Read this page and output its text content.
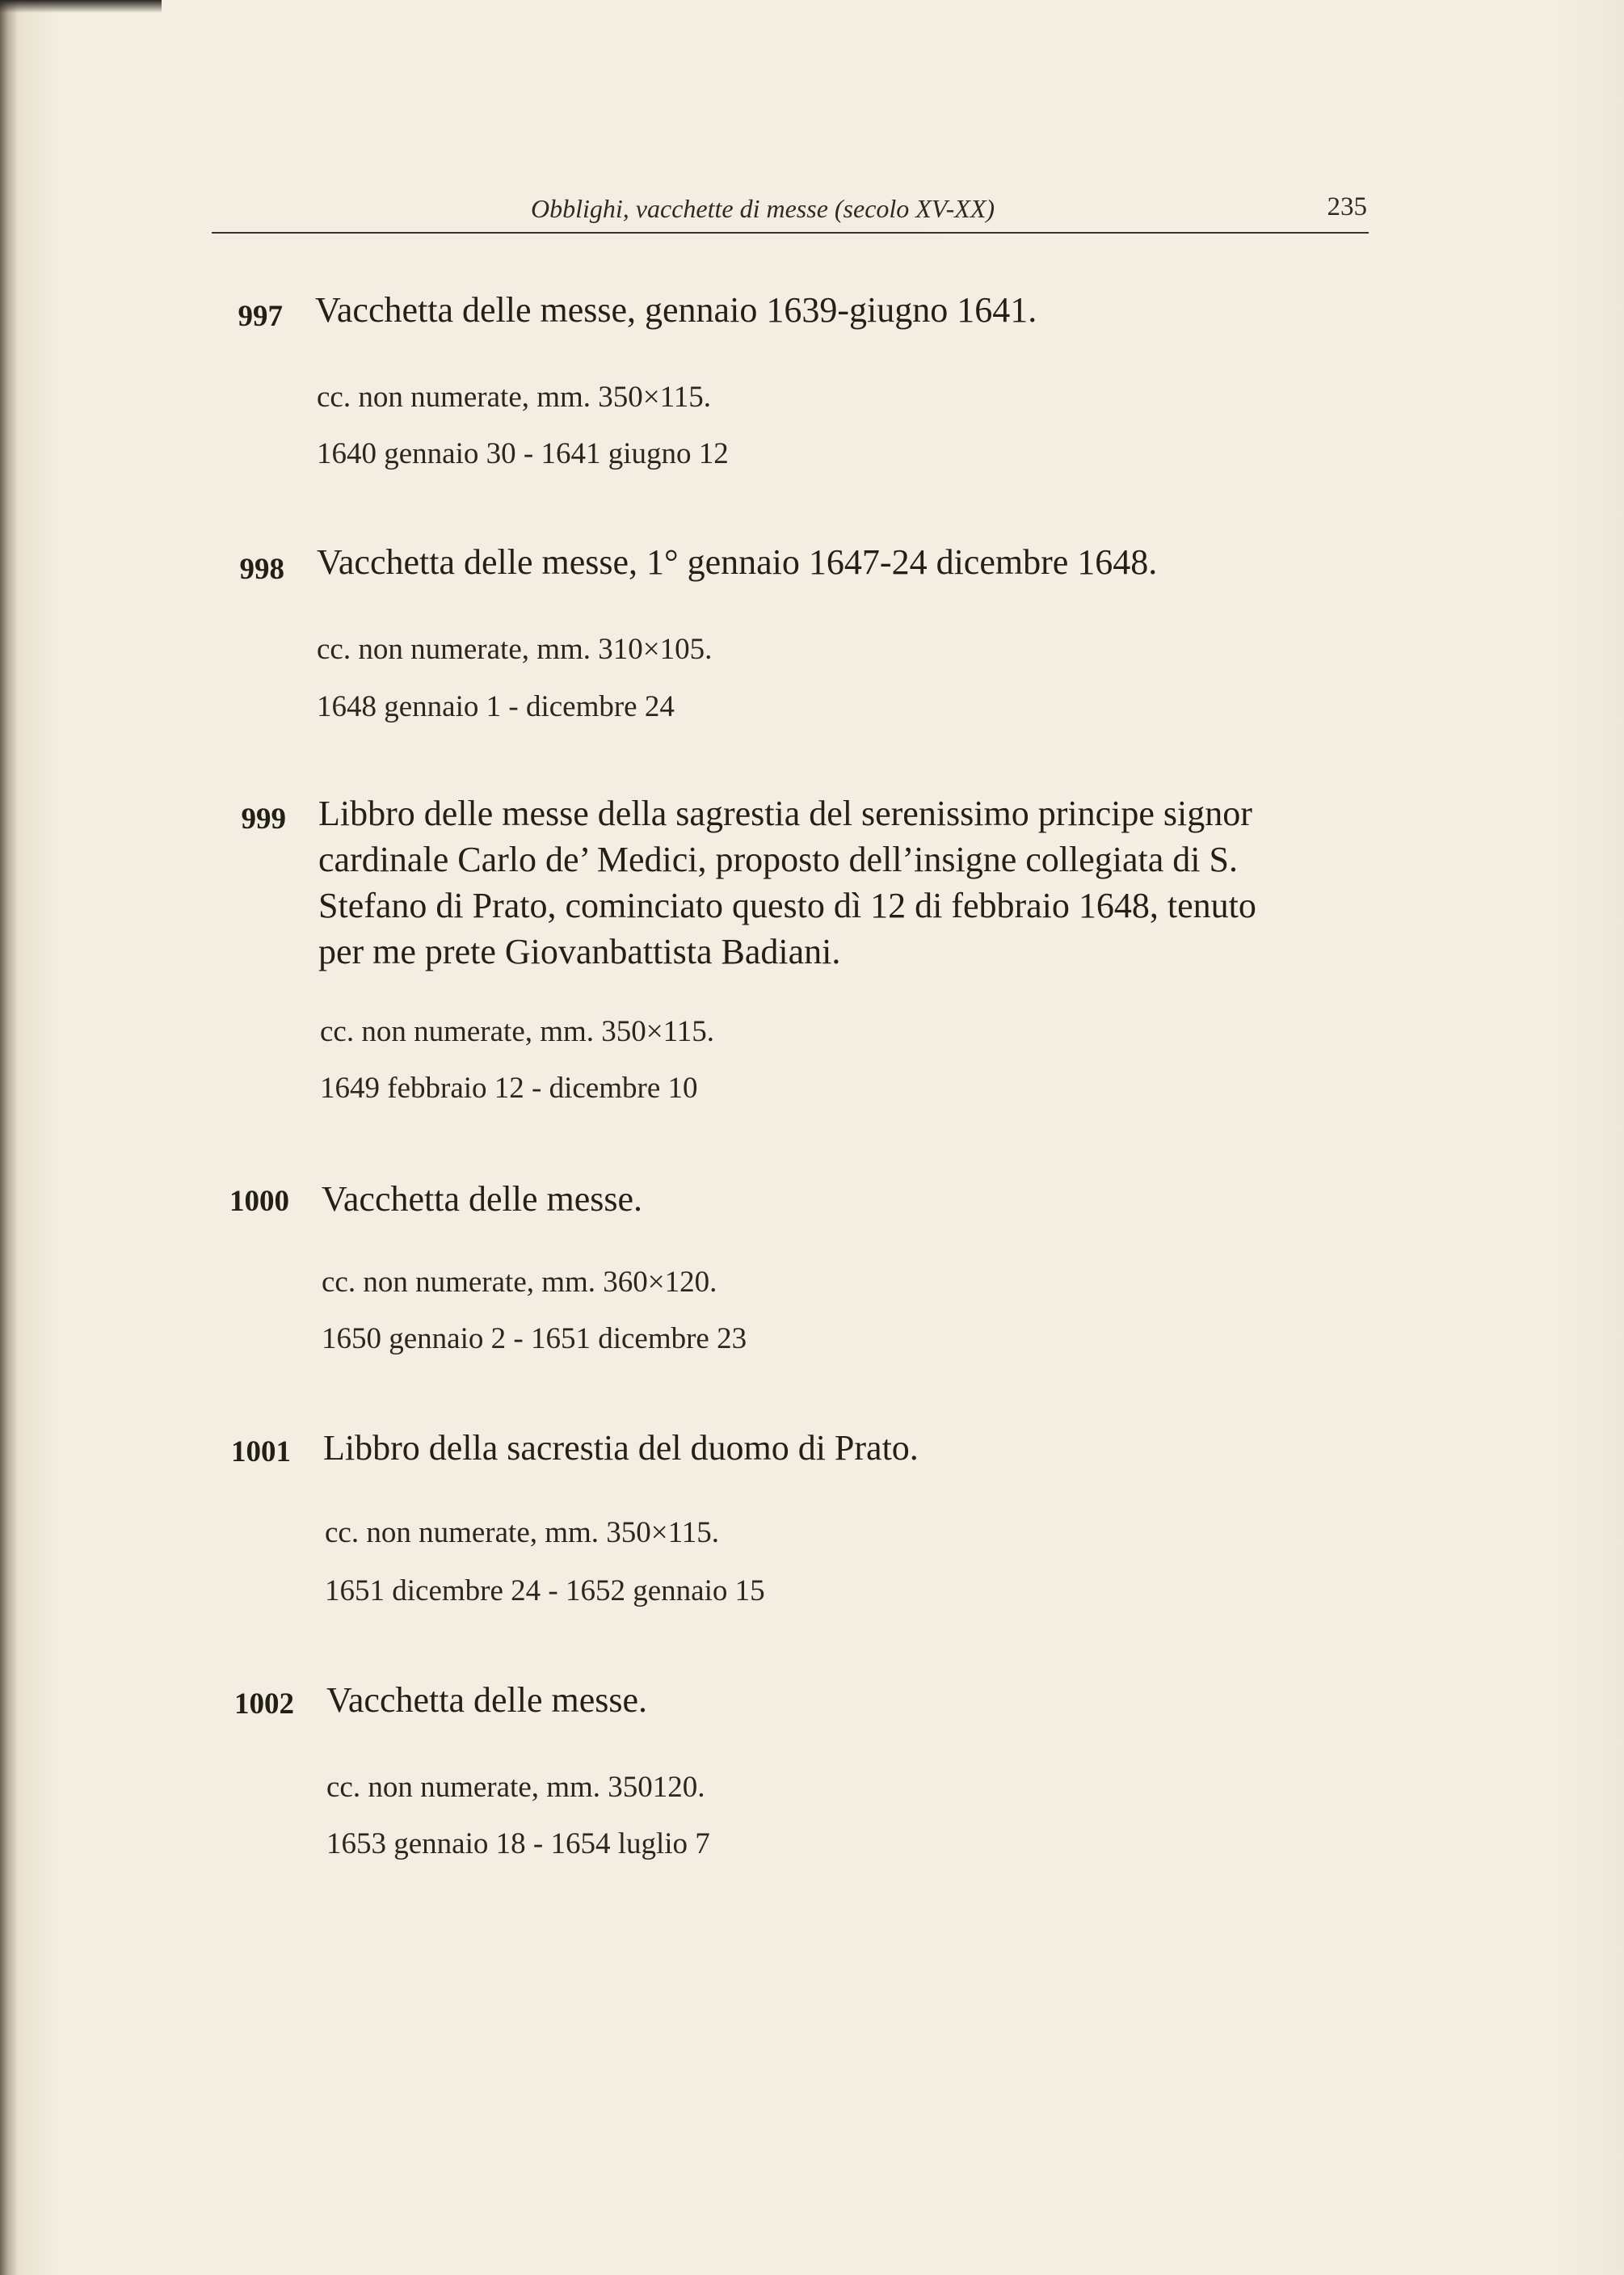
Obblighi, vacchette di messe (secolo XV-XX)	235
997 Vacchetta delle messe, gennaio 1639-giugno 1641.
cc. non numerate, mm. 350×115.
1640 gennaio 30 - 1641 giugno 12
998 Vacchetta delle messe, 1° gennaio 1647-24 dicembre 1648.
cc. non numerate, mm. 310×105.
1648 gennaio 1 - dicembre 24
999 Libbro delle messe della sagrestia del serenissimo principe signor
cardinale Carlo de’ Medici, proposto dell’insigne collegiata di S.
Stefano di Prato, cominciato questo dì 12 di febbraio 1648, tenuto
per me prete Giovanbattista Badiani.
cc. non numerate, mm. 350×115.
1649 febbraio 12 - dicembre 10
1000 Vacchetta delle messe.
cc. non numerate, mm. 360×120.
1650 gennaio 2 - 1651 dicembre 23
1001 Libbro della sacrestia del duomo di Prato.
cc. non numerate, mm. 350×115.
1651 dicembre 24 - 1652 gennaio 15
1002 Vacchetta delle messe.
cc. non numerate, mm. 350120.
1653 gennaio 18 - 1654 luglio 7
